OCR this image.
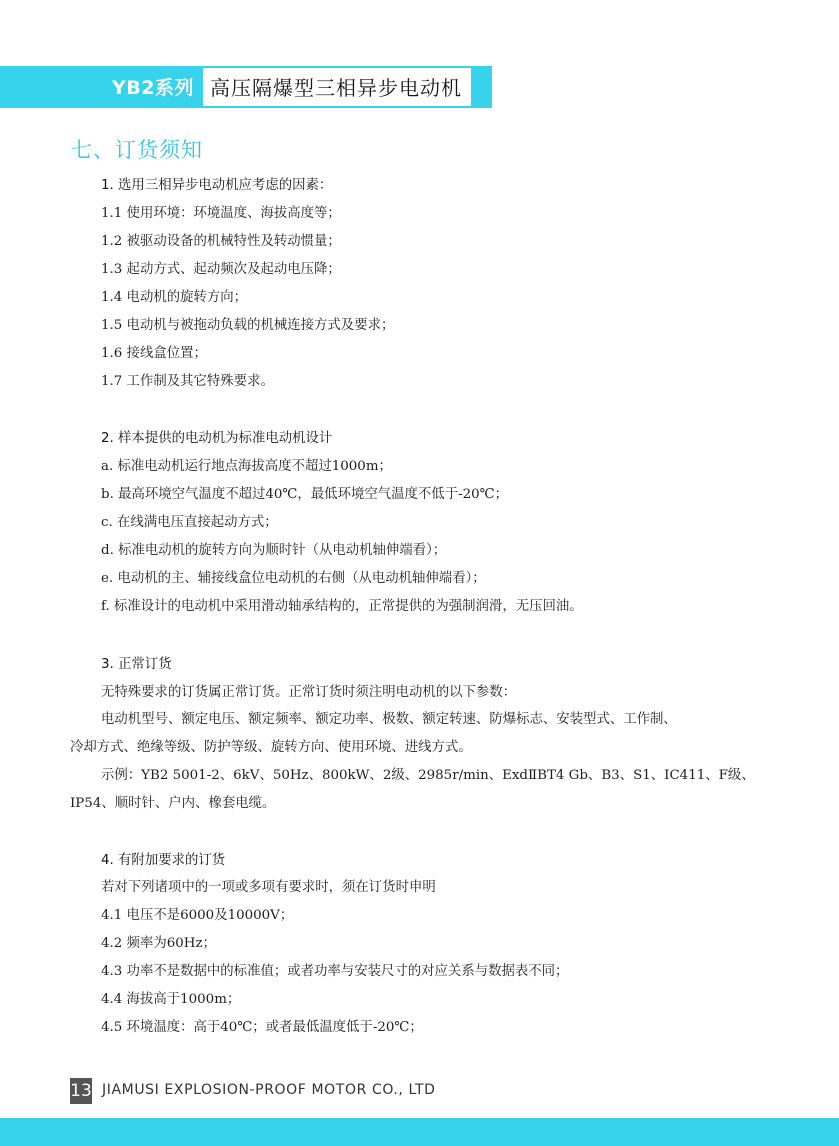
YB2系列 高压隔爆型三相异步电动机
七、订货须知
1. 选用三相异步电动机应考虑的因素：
1.1 使用环境：环境温度、海拔高度等；
1.2 被驱动设备的机械特性及转动惯量；
1.3 起动方式、起动频次及起动电压降；
1.4 电动机的旋转方向；
1.5 电动机与被拖动负载的机械连接方式及要求；
1.6 接线盒位置；
1.7 工作制及其它特殊要求。
2. 样本提供的电动机为标准电动机设计
a. 标准电动机运行地点海拔高度不超过1000m；
b. 最高环境空气温度不超过40℃，最低环境空气温度不低于-20℃；
c. 在线满电压直接起动方式；
d. 标准电动机的旋转方向为顺时针（从电动机轴伸端看）；
e. 电动机的主、辅接线盒位电动机的右侧（从电动机轴伸端看）；
f. 标准设计的电动机中采用滑动轴承结构的，正常提供的为强制润滑，无压回油。
3. 正常订货
无特殊要求的订货属正常订货。正常订货时须注明电动机的以下参数：
电动机型号、额定电压、额定频率、额定功率、极数、额定转速、防爆标志、安装型式、工作制、
冷却方式、绝缘等级、防护等级、旋转方向、使用环境、进线方式。
示例：YB2 5001-2、6kV、50Hz、800kW、2级、2985r/min、ExdⅡBT4 Gb、B3、S1、IC411、F级、
IP54、顺时针、户内、橡套电缆。
4. 有附加要求的订货
若对下列诸项中的一项或多项有要求时，须在订货时申明
4.1 电压不是6000及10000V；
4.2 频率为60Hz；
4.3 功率不是数据中的标准值；或者功率与安装尺寸的对应关系与数据表不同；
4.4 海拔高于1000m；
4.5 环境温度：高于40℃；或者最低温度低于-20℃；
13 JIAMUSI EXPLOSION-PROOF MOTOR CO., LTD
